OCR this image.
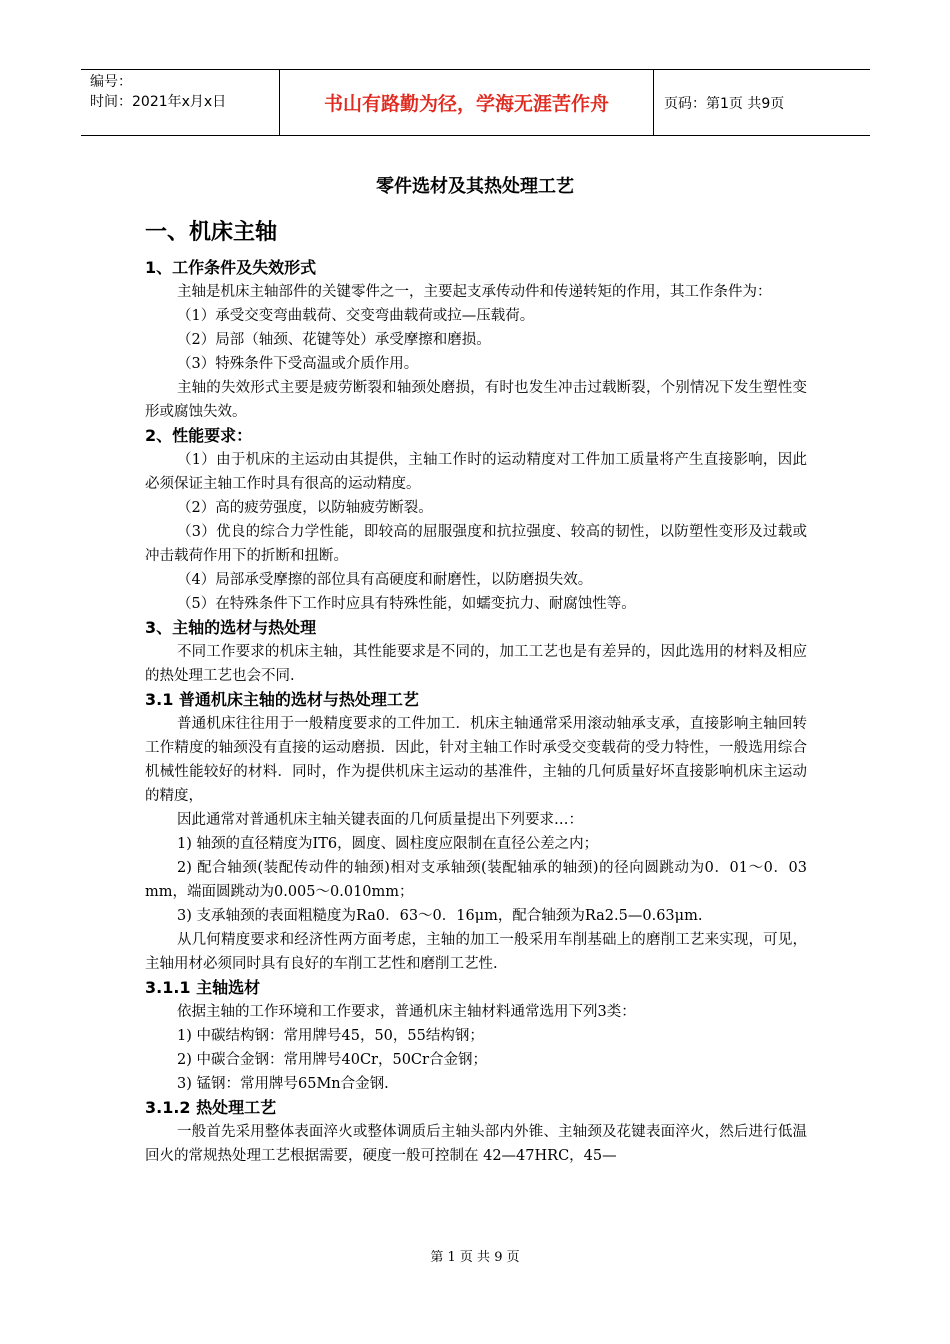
编号：
时间：2021年x月x日	书山有路勤为径，学海无涯苦作舟	页码：第1页 共9页
零件选材及其热处理工艺
一、机床主轴
1、工作条件及失效形式

主轴是机床主轴部件的关键零件之一，主要起支承传动件和传递转矩的作用，其工作条件为：

（1）承受交变弯曲载荷、交变弯曲载荷或拉—压载荷。

（2）局部（轴颈、花键等处）承受摩擦和磨损。

（3）特殊条件下受高温或介质作用。

主轴的失效形式主要是疲劳断裂和轴颈处磨损，有时也发生冲击过载断裂，个别情况下发生塑性变形或腐蚀失效。

2、性能要求：

（1）由于机床的主运动由其提供，主轴工作时的运动精度对工件加工质量将产生直接影响，因此必须保证主轴工作时具有很高的运动精度。

（2）高的疲劳强度，以防轴疲劳断裂。

（3）优良的综合力学性能，即较高的屈服强度和抗拉强度、较高的韧性，以防塑性变形及过载或冲击载荷作用下的折断和扭断。

（4）局部承受摩擦的部位具有高硬度和耐磨性，以防磨损失效。

（5）在特殊条件下工作时应具有特殊性能，如蠕变抗力、耐腐蚀性等。

3、主轴的选材与热处理

不同工作要求的机床主轴，其性能要求是不同的，加工工艺也是有差异的，因此选用的材料及相应的热处理工艺也会不同.

3.1 普通机床主轴的选材与热处理工艺

普通机床往往用于一般精度要求的工件加工．机床主轴通常采用滚动轴承支承，直接影响主轴回转工作精度的轴颈没有直接的运动磨损．因此，针对主轴工作时承受交变载荷的受力特性，一般选用综合机械性能较好的材料．同时，作为提供机床主运动的基准件，主轴的几何质量好坏直接影响机床主运动的精度，

因此通常对普通机床主轴关键表面的几何质量提出下列要求…：

1) 轴颈的直径精度为IT6，圆度、圆柱度应限制在直径公差之内；

2) 配合轴颈(装配传动件的轴颈)相对支承轴颈(装配轴承的轴颈)的径向圆跳动为0．01～0．03 mm，端面圆跳动为0.005～0.010mm；

3) 支承轴颈的表面粗糙度为Ra0．63～0．16μm，配合轴颈为Ra2.5—0.63μm.

从几何精度要求和经济性两方面考虑，主轴的加工一般采用车削基础上的磨削工艺来实现，可见，主轴用材必须同时具有良好的车削工艺性和磨削工艺性.

3.1.1 主轴选材

依据主轴的工作环境和工作要求，普通机床主轴材料通常选用下列3类：

1) 中碳结构钢：常用牌号45，50，55结构钢；

2) 中碳合金钢：常用牌号40Cr，50Cr合金钢；

3) 锰钢：常用牌号65Mn合金钢.

3.1.2 热处理工艺

一般首先采用整体表面淬火或整体调质后主轴头部内外锥、主轴颈及花键表面淬火，然后进行低温回火的常规热处理工艺根据需要，硬度一般可控制在 42—47HRC，45—

第 1 页 共 9 页
